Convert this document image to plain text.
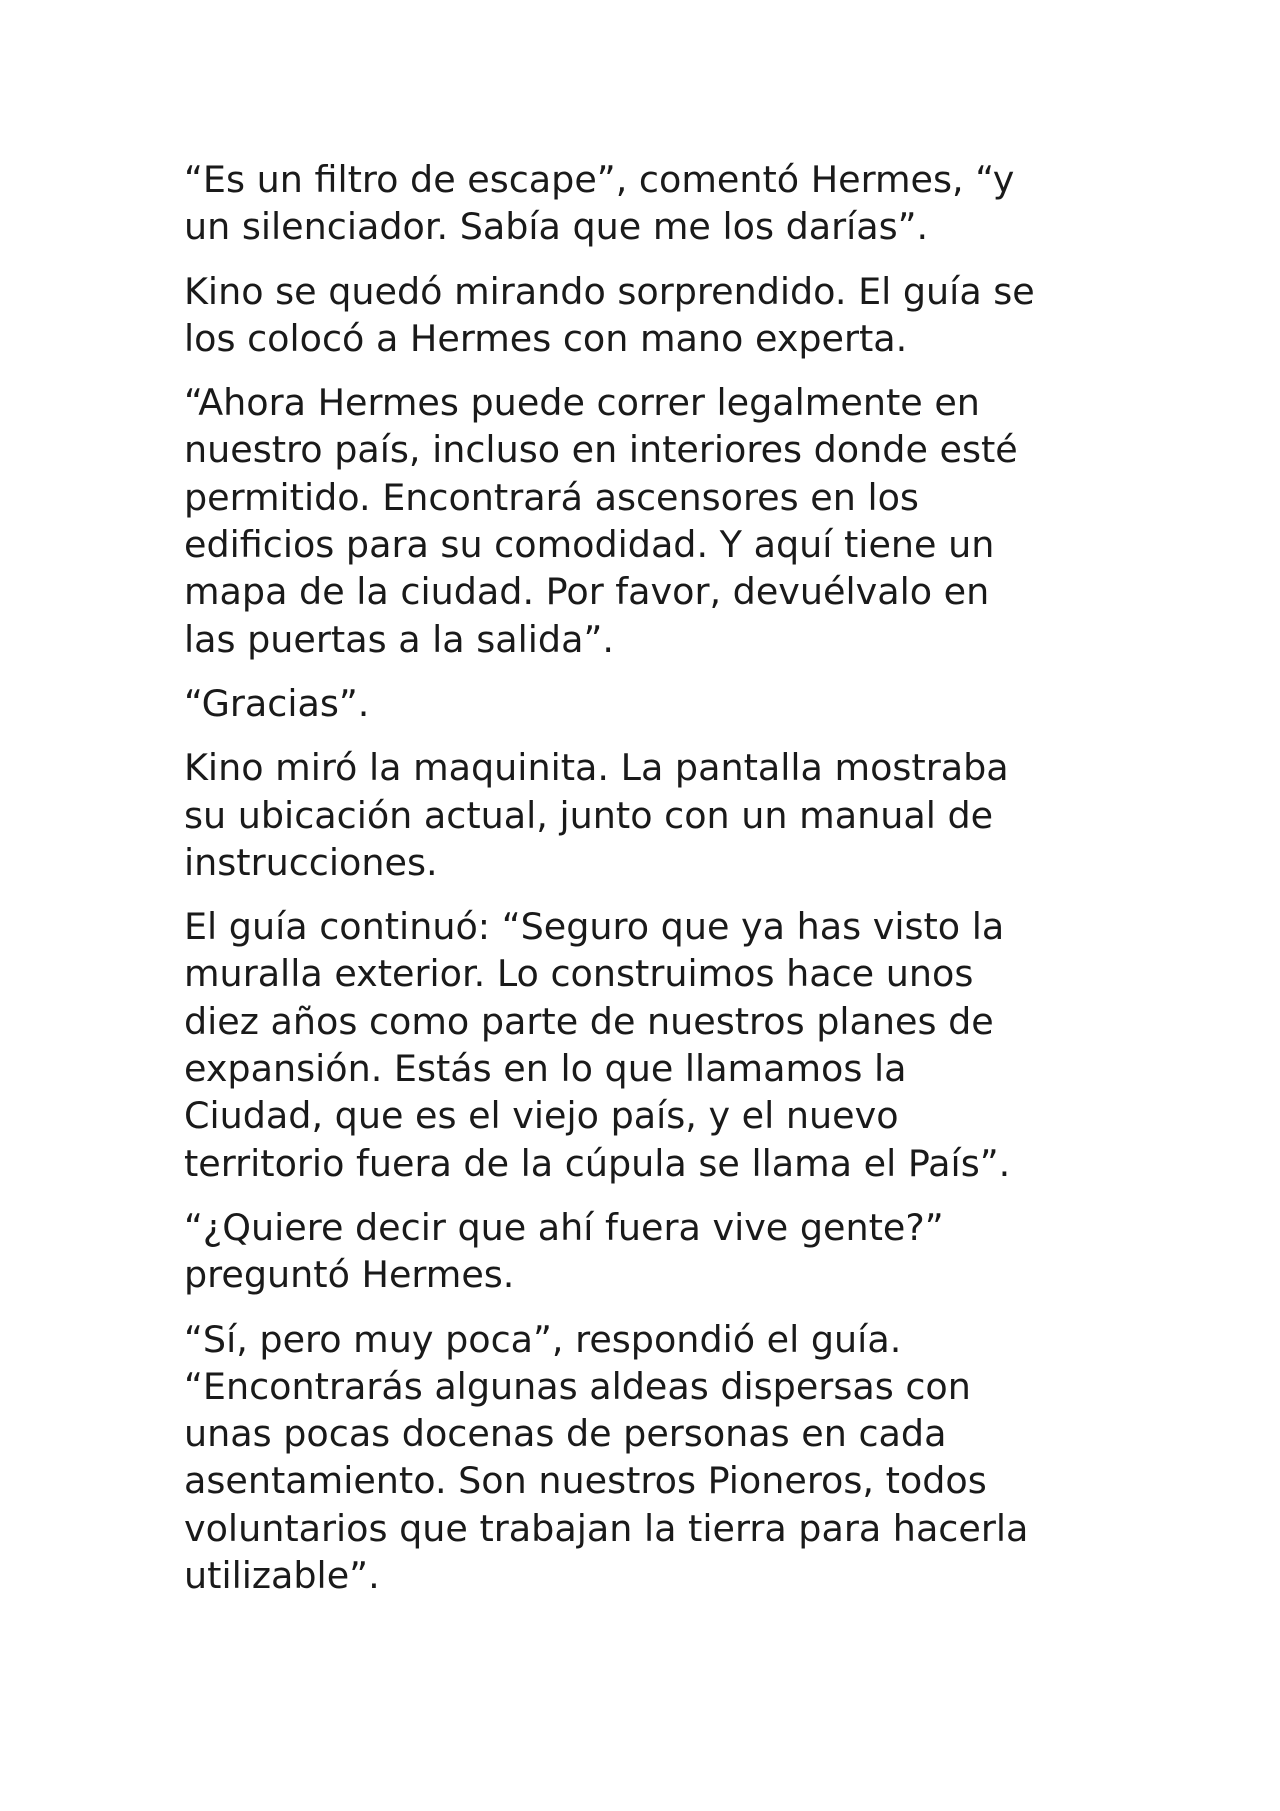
“Es un filtro de escape”, comentó Hermes, “y
un silenciador. Sabía que me los darías”.

Kino se quedó mirando sorprendido. El guía se
los colocó a Hermes con mano experta.

“Ahora Hermes puede correr legalmente en
nuestro país, incluso en interiores donde esté
permitido. Encontrará ascensores en los
edificios para su comodidad. Y aquí tiene un
mapa de la ciudad. Por favor, devuélvalo en
las puertas a la salida”.

“Gracias”.

Kino miró la maquinita. La pantalla mostraba
su ubicación actual, junto con un manual de
instrucciones.

El guía continuó: “Seguro que ya has visto la
muralla exterior. Lo construimos hace unos
diez años como parte de nuestros planes de
expansión. Estás en lo que llamamos la
Ciudad, que es el viejo país, y el nuevo
territorio fuera de la cúpula se llama el País”.

“¿Quiere decir que ahí fuera vive gente?”
preguntó Hermes.

“Sí, pero muy poca”, respondió el guía.
“Encontrarás algunas aldeas dispersas con
unas pocas docenas de personas en cada
asentamiento. Son nuestros Pioneros, todos
voluntarios que trabajan la tierra para hacerla
utilizable”.
